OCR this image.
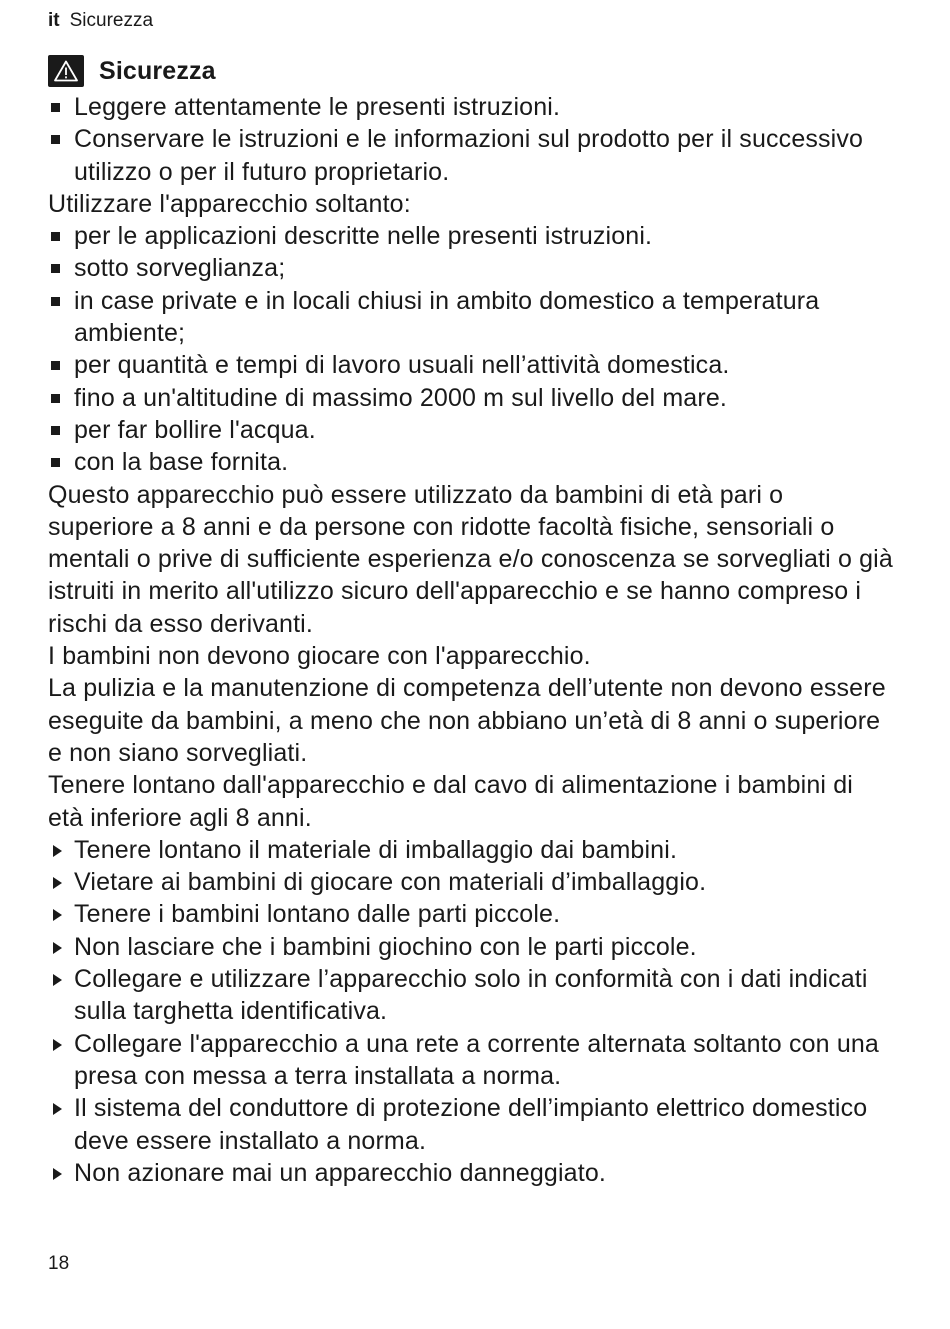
it Sicurezza
Sicurezza
Leggere attentamente le presenti istruzioni.
Conservare le istruzioni e le informazioni sul prodotto per il successivo utilizzo o per il futuro proprietario.

Utilizzare l'apparecchio soltanto:

per le applicazioni descritte nelle presenti istruzioni.
sotto sorveglianza;
in case private e in locali chiusi in ambito domestico a temperatura ambiente;
per quantità e tempi di lavoro usuali nell’attività domestica.
fino a un'altitudine di massimo 2000 m sul livello del mare.
per far bollire l'acqua.
con la base fornita.

Questo apparecchio può essere utilizzato da bambini di età pari o superiore a 8 anni e da persone con ridotte facoltà fisiche, sensoriali o mentali o prive di sufficiente esperienza e/o conoscenza se sorvegliati o già istruiti in merito all'utilizzo sicuro dell'apparecchio e se hanno compreso i rischi da esso derivanti.

I bambini non devono giocare con l'apparecchio.

La pulizia e la manutenzione di competenza dell’utente non devono essere eseguite da bambini, a meno che non abbiano un’età di 8 anni o superiore e non siano sorvegliati.

Tenere lontano dall'apparecchio e dal cavo di alimentazione i bambini di età inferiore agli 8 anni.

Tenere lontano il materiale di imballaggio dai bambini.
Vietare ai bambini di giocare con materiali d’imballaggio.
Tenere i bambini lontano dalle parti piccole.
Non lasciare che i bambini giochino con le parti piccole.
Collegare e utilizzare l’apparecchio solo in conformità con i dati indicati sulla targhetta identificativa.
Collegare l'apparecchio a una rete a corrente alternata soltanto con una presa con messa a terra installata a norma.
Il sistema del conduttore di protezione dell’impianto elettrico domestico deve essere installato a norma.
Non azionare mai un apparecchio danneggiato.
18
